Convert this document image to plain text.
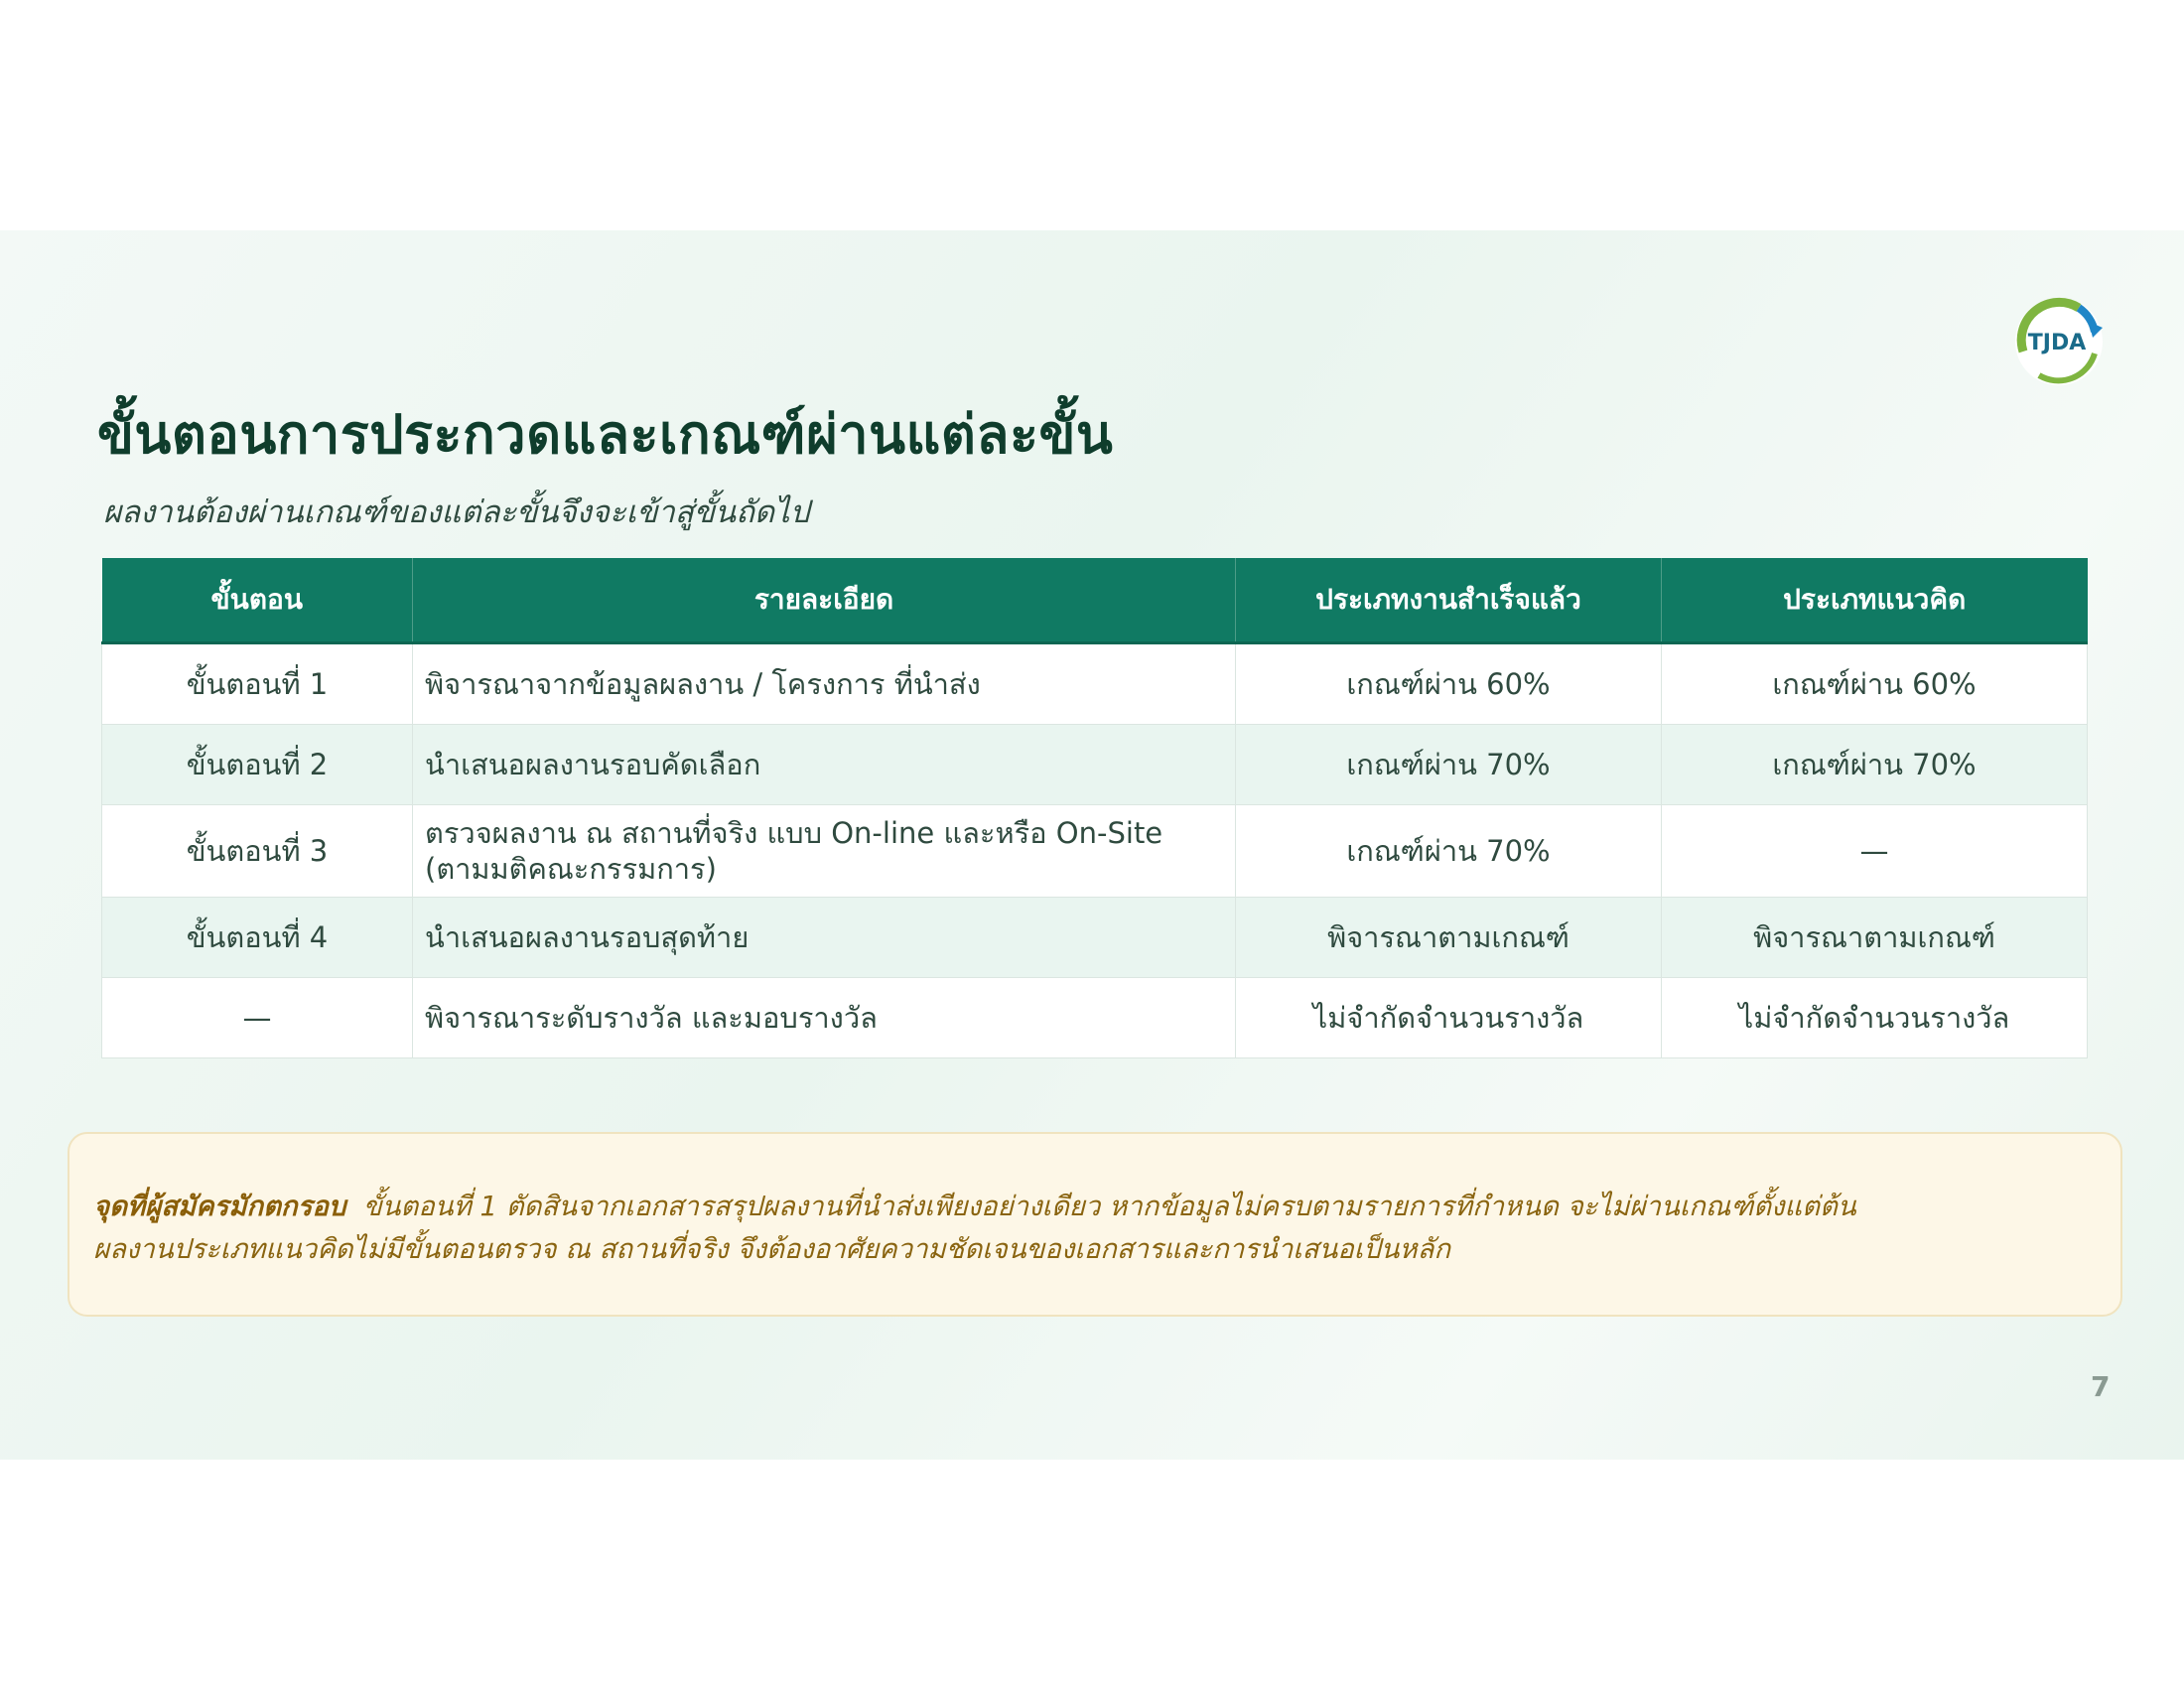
TJDA
ขั้นตอนการประกวดและเกณฑ์ผ่านแต่ละขั้น

ผลงานต้องผ่านเกณฑ์ของแต่ละขั้นจึงจะเข้าสู่ขั้นถัดไป

ขั้นตอน	รายละเอียด	ประเภทงานสำเร็จแล้ว	ประเภทแนวคิด
ขั้นตอนที่ 1	พิจารณาจากข้อมูลผลงาน / โครงการ ที่นำส่ง	เกณฑ์ผ่าน 60%	เกณฑ์ผ่าน 60%
ขั้นตอนที่ 2	นำเสนอผลงานรอบคัดเลือก	เกณฑ์ผ่าน 70%	เกณฑ์ผ่าน 70%
ขั้นตอนที่ 3	ตรวจผลงาน ณ สถานที่จริง แบบ On-line และหรือ On-Site (ตามมติคณะกรรมการ)	เกณฑ์ผ่าน 70%	—
ขั้นตอนที่ 4	นำเสนอผลงานรอบสุดท้าย	พิจารณาตามเกณฑ์	พิจารณาตามเกณฑ์
—	พิจารณาระดับรางวัล และมอบรางวัล	ไม่จำกัดจำนวนรางวัล	ไม่จำกัดจำนวนรางวัล

จุดที่ผู้สมัครมักตกรอบ ขั้นตอนที่ 1 ตัดสินจากเอกสารสรุปผลงานที่นำส่งเพียงอย่างเดียว หากข้อมูลไม่ครบตามรายการที่กำหนด จะไม่ผ่านเกณฑ์ตั้งแต่ต้น
ผลงานประเภทแนวคิดไม่มีขั้นตอนตรวจ ณ สถานที่จริง จึงต้องอาศัยความชัดเจนของเอกสารและการนำเสนอเป็นหลัก

7
